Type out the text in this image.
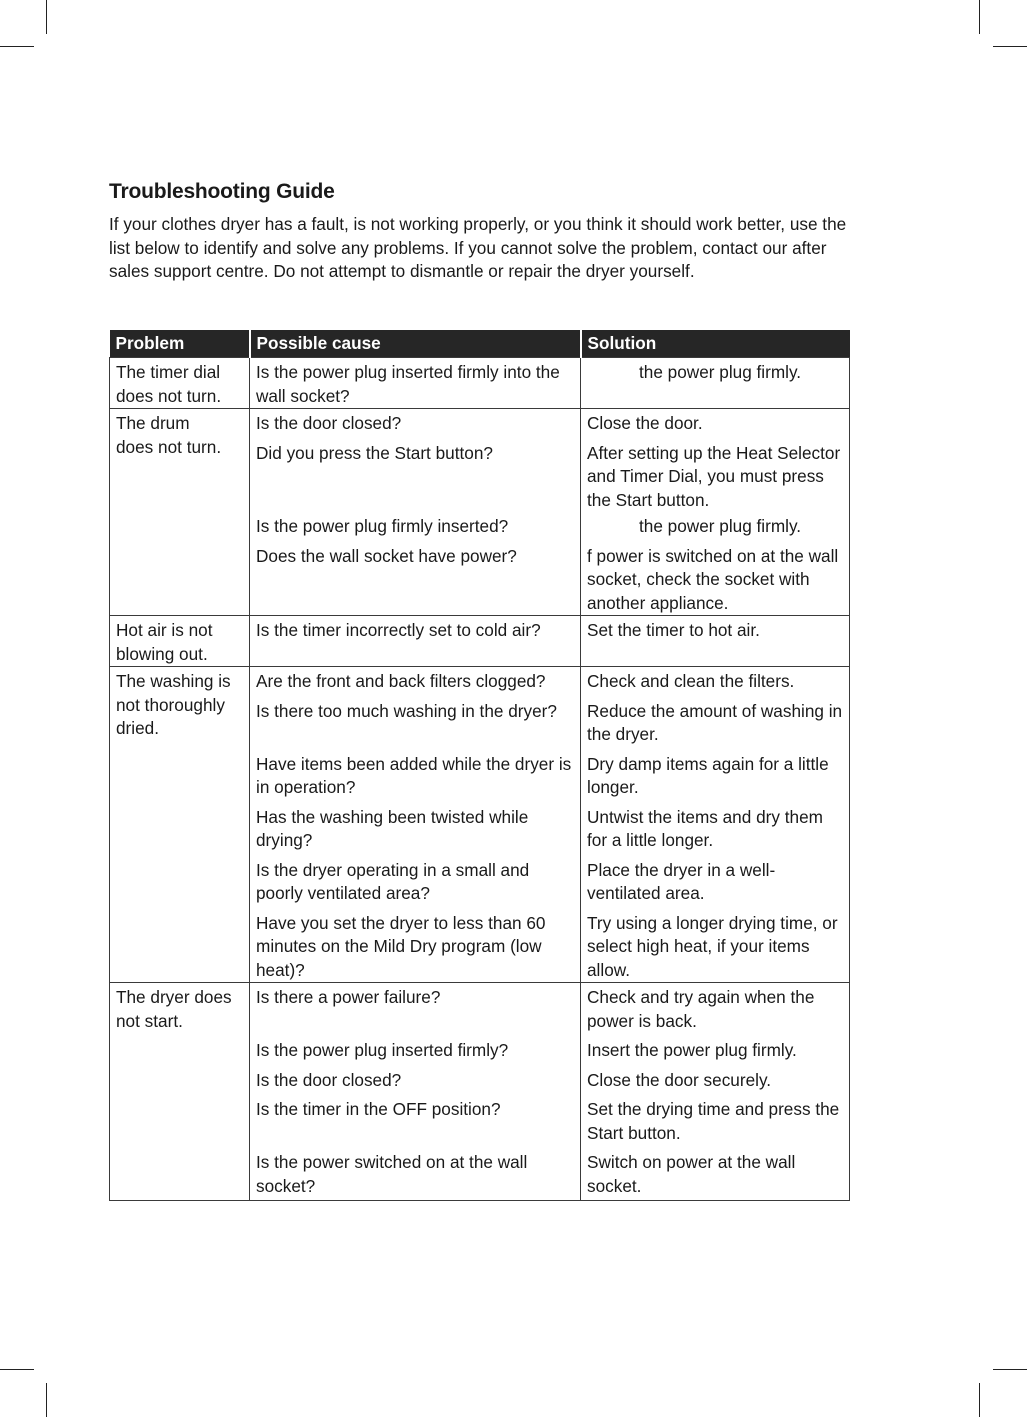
Troubleshooting Guide
If your clothes dryer has a fault, is not working properly, or you think it should work better, use the list below to identify and solve any problems. If you cannot solve the problem, contact our after sales support centre. Do not attempt to dismantle or repair the dryer yourself.
Problem	Possible cause	Solution
The timer dial
does not turn.	Is the power plug inserted firmly into the wall socket?	the power plug firmly.

The drum
does not turn.	Is the door closed?	Close the door.

	Did you press the Start button?	After setting up the Heat Selector and Timer Dial, you must press the Start button.

	Is the power plug firmly inserted?	the power plug firmly.

	Does the wall socket have power?	f power is switched on at the wall socket, check the socket with another appliance.

Hot air is not
blowing out.	Is the timer incorrectly set to cold air?	Set the timer to hot air.

The washing is
not thoroughly
dried.	Are the front and back filters clogged?	Check and clean the filters.

	Is there too much washing in the dryer?	Reduce the amount of washing in the dryer.

	Have items been added while the dryer is in operation?	Dry damp items again for a little longer.

	Has the washing been twisted while drying?	Untwist the items and dry them for a little longer.

	Is the dryer operating in a small and poorly ventilated area?	Place the dryer in a well-ventilated area.

	Have you set the dryer to less than 60 minutes on the Mild Dry program (low heat)?	Try using a longer drying time, or select high heat, if your items allow.

The dryer does
not start.	Is there a power failure?	Check and try again when the power is back.

	Is the power plug inserted firmly?	Insert the power plug firmly.

	Is the door closed?	Close the door securely.

	Is the timer in the OFF position?	Set the drying time and press the Start button.

	Is the power switched on at the wall socket?	Switch on power at the wall socket.
